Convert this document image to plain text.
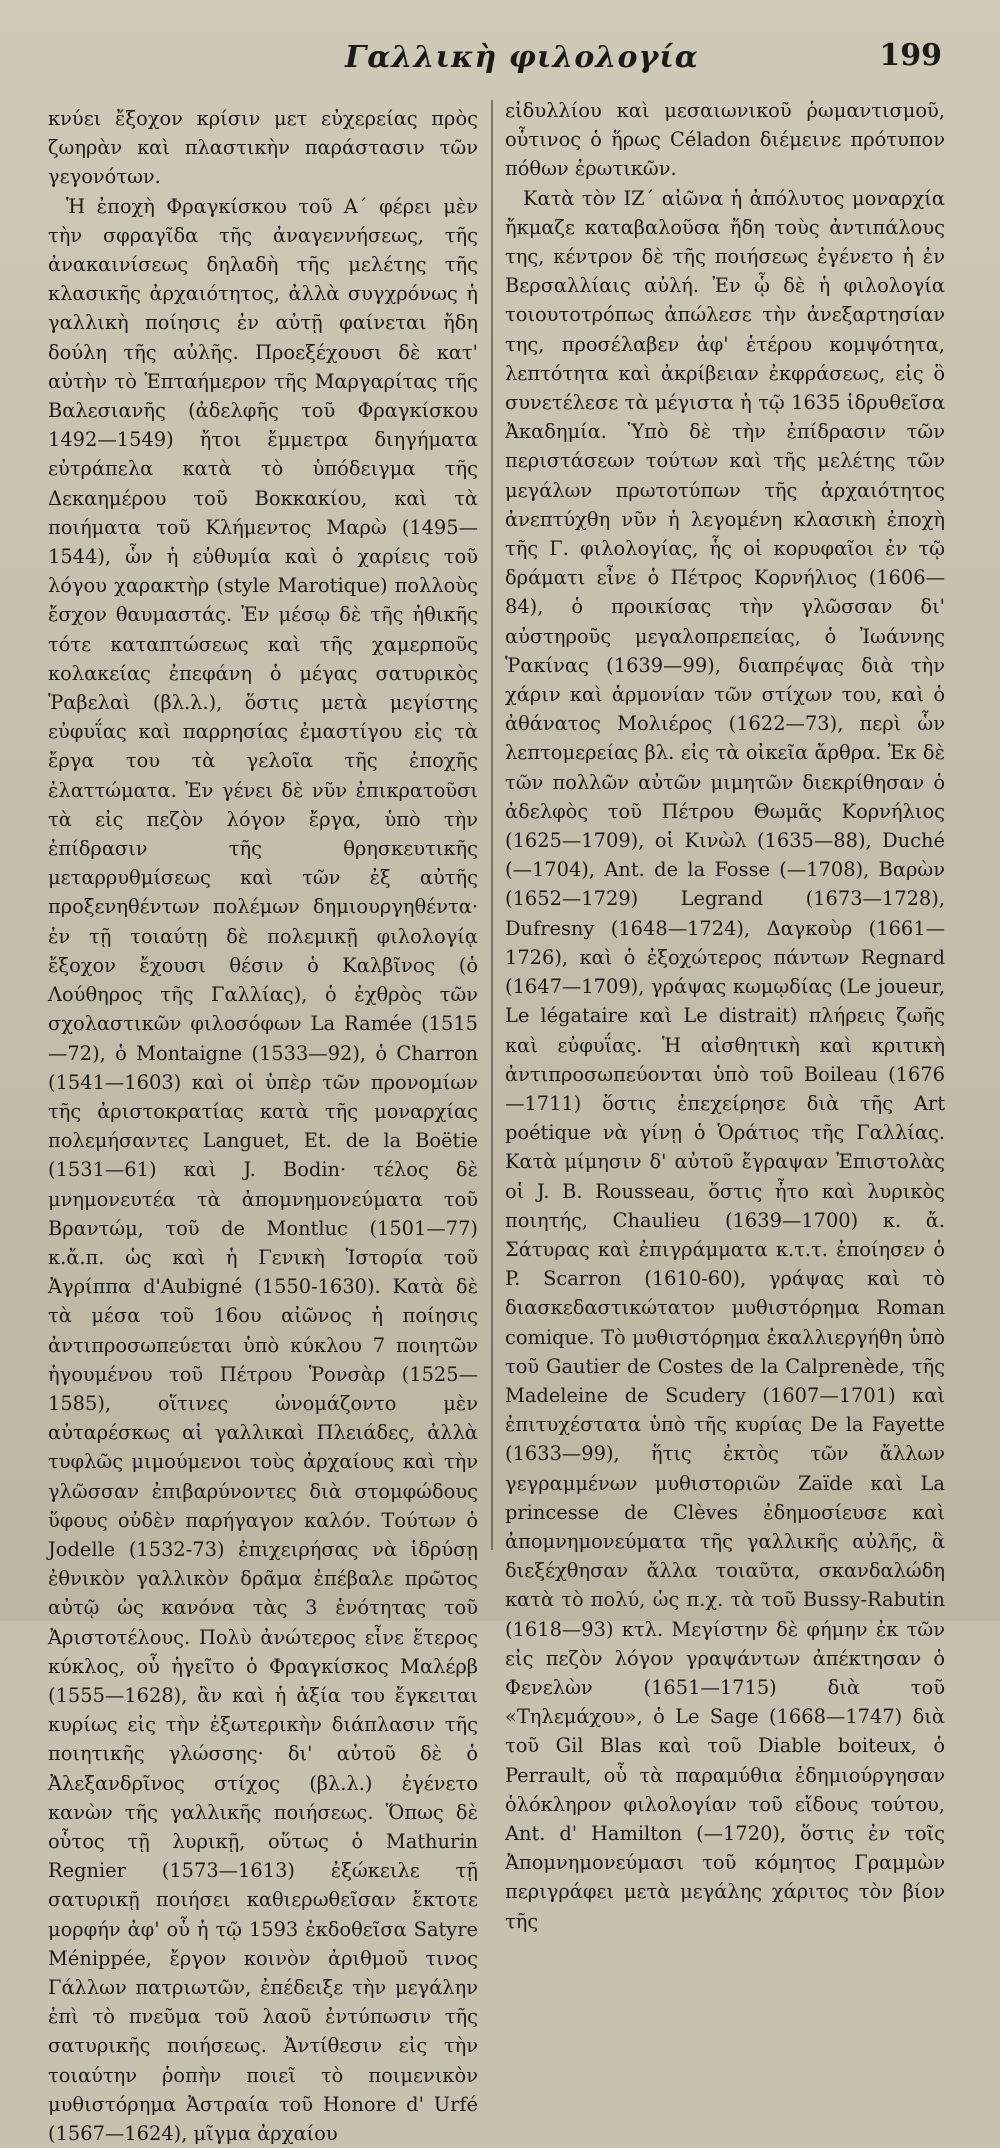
Γαλλικὴ φιλολογία	199

κνύει ἔξοχον κρίσιν μετ εὐχερείας πρὸς ζωηρὰν καὶ πλαστικὴν παράστασιν τῶν γεγονότων.

Ἡ ἐποχὴ Φραγκίσκου τοῦ Α΄ φέρει μὲν τὴν σφραγῖδα τῆς ἀναγεννήσεως, τῆς ἀνακαινίσεως δηλαδὴ τῆς μελέτης τῆς κλασικῆς ἀρχαιότητος, ἀλλὰ συγχρόνως ἡ γαλλικὴ ποίησις ἐν αὐτῇ φαίνεται ἤδη δούλη τῆς αὐλῆς. Προεξέχουσι δὲ κατ' αὐτὴν τὸ Ἑπταήμερον τῆς Μαργαρίτας τῆς Βαλεσιανῆς (ἀδελφῆς τοῦ Φραγκίσκου 1492—1549) ἤτοι ἔμμετρα διηγήματα εὐτράπελα κατὰ τὸ ὑπόδειγμα τῆς Δεκαημέρου τοῦ Βοκκακίου, καὶ τὰ ποιήματα τοῦ Κλήμεντος Μαρὼ (1495—1544), ὧν ἡ εὐθυμία καὶ ὁ χαρίεις τοῦ λόγου χαρακτὴρ (style Marotique) πολλοὺς ἔσχον θαυμαστάς. Ἐν μέσῳ δὲ τῆς ἠθικῆς τότε καταπτώσεως καὶ τῆς χαμερποῦς κολακείας ἐπεφάνη ὁ μέγας σατυρικὸς Ῥαβελαὶ (βλ.λ.), ὅστις μετὰ μεγίστης εὐφυΐας καὶ παρρησίας ἐμαστίγου εἰς τὰ ἔργα του τὰ γελοῖα τῆς ἐποχῆς ἐλαττώματα. Ἐν γένει δὲ νῦν ἐπικρατοῦσι τὰ εἰς πεζὸν λόγον ἔργα, ὑπὸ τὴν ἐπίδρασιν τῆς θρησκευτικῆς μεταρρυθμίσεως καὶ τῶν ἐξ αὐτῆς προξενηθέντων πολέμων δημιουργηθέντα· ἐν τῇ τοιαύτῃ δὲ πολεμικῇ φιλολογίᾳ ἔξοχον ἔχουσι θέσιν ὁ Καλβῖνος (ὁ Λούθηρος τῆς Γαλλίας), ὁ ἐχθρὸς τῶν σχολαστικῶν φιλοσόφων La Ramée (1515—72), ὁ Montaigne (1533—92), ὁ Charron (1541—1603) καὶ οἱ ὑπὲρ τῶν προνομίων τῆς ἀριστοκρατίας κατὰ τῆς μοναρχίας πολεμήσαντες Languet, Et. de la Boëtie (1531—61) καὶ J. Bodin· τέλος δὲ μνημονευτέα τὰ ἀπομνημονεύματα τοῦ Βραντώμ, τοῦ de Montluc (1501—77) κ.ἄ.π. ὡς καὶ ἡ Γενικὴ Ἱστορία τοῦ Ἀγρίππα d'Aubigné (1550-1630). Κατὰ δὲ τὰ μέσα τοῦ 16ου αἰῶνος ἡ ποίησις ἀντιπροσωπεύεται ὑπὸ κύκλου 7 ποιητῶν ἡγουμένου τοῦ Πέτρου Ῥονσὰρ (1525—1585), οἵτινες ὠνομάζοντο μὲν αὐταρέσκως αἱ γαλλικαὶ Πλειάδες, ἀλλὰ τυφλῶς μιμούμενοι τοὺς ἀρχαίους καὶ τὴν γλῶσσαν ἐπιβαρύνοντες διὰ στομφώδους ὕφους οὐδὲν παρήγαγον καλόν. Τούτων ὁ Jodelle (1532-73) ἐπιχειρήσας νὰ ἱδρύσῃ ἐθνικὸν γαλλικὸν δρᾶμα ἐπέβαλε πρῶτος αὐτῷ ὡς κανόνα τὰς 3 ἑνότητας τοῦ Ἀριστοτέλους. Πολὺ ἀνώτερος εἶνε ἕτερος κύκλος, οὗ ἡγεῖτο ὁ Φραγκίσκος Μαλέρβ (1555—1628), ἂν καὶ ἡ ἀξία του ἔγκειται κυρίως εἰς τὴν ἐξωτερικὴν διάπλασιν τῆς ποιητικῆς γλώσσης· δι' αὐτοῦ δὲ ὁ Ἀλεξανδρῖνος στίχος (βλ.λ.) ἐγένετο κανὼν τῆς γαλλικῆς ποιήσεως. Ὅπως δὲ οὗτος τῇ λυρικῇ, οὕτως ὁ Mathurin Regnier (1573—1613) ἐξώκειλε τῇ σατυρικῇ ποιήσει καθιερωθεῖσαν ἔκτοτε μορφήν ἀφ' οὗ ἡ τῷ 1593 ἐκδοθεῖσα Satyre Ménippée, ἔργον κοινὸν ἀριθμοῦ τινος Γάλλων πατριωτῶν, ἐπέδειξε τὴν μεγάλην ἐπὶ τὸ πνεῦμα τοῦ λαοῦ ἐντύπωσιν τῆς σατυρικῆς ποιήσεως. Ἀντίθεσιν εἰς τὴν τοιαύτην ῥοπὴν ποιεῖ τὸ ποιμενικὸν μυθιστόρημα Ἀστραία τοῦ Honore d' Urfé (1567—1624), μῖγμα ἀρχαίου

εἰδυλλίου καὶ μεσαιωνικοῦ ῥωμαντισμοῦ, οὗτινος ὁ ἥρως Céladon διέμεινε πρότυπον πόθων ἐρωτικῶν.

Κατὰ τὸν ΙΖ΄ αἰῶνα ἡ ἀπόλυτος μοναρχία ἤκμαζε καταβαλοῦσα ἤδη τοὺς ἀντιπάλους της, κέντρον δὲ τῆς ποιήσεως ἐγένετο ἡ ἐν Βερσαλλίαις αὐλή. Ἐν ᾧ δὲ ἡ φιλολογία τοιουτοτρόπως ἀπώλεσε τὴν ἀνεξαρτησίαν της, προσέλαβεν ἀφ' ἑτέρου κομψότητα, λεπτότητα καὶ ἀκρίβειαν ἐκφράσεως, εἰς ὃ συνετέλεσε τὰ μέγιστα ἡ τῷ 1635 ἱδρυθεῖσα Ἀκαδημία. Ὑπὸ δὲ τὴν ἐπίδρασιν τῶν περιστάσεων τούτων καὶ τῆς μελέτης τῶν μεγάλων πρωτοτύπων τῆς ἀρχαιότητος ἀνεπτύχθη νῦν ἡ λεγομένη κλασικὴ ἐποχὴ τῆς Γ. φιλολογίας, ἧς οἱ κορυφαῖοι ἐν τῷ δράματι εἶνε ὁ Πέτρος Κορνήλιος (1606—84), ὁ προικίσας τὴν γλῶσσαν δι' αὐστηροῦς μεγαλοπρεπείας, ὁ Ἰωάννης Ῥακίνας (1639—99), διαπρέψας διὰ τὴν χάριν καὶ ἁρμονίαν τῶν στίχων του, καὶ ὁ ἀθάνατος Μολιέρος (1622—73), περὶ ὧν λεπτομερείας βλ. εἰς τὰ οἰκεῖα ἄρθρα. Ἐκ δὲ τῶν πολλῶν αὐτῶν μιμητῶν διεκρίθησαν ὁ ἀδελφὸς τοῦ Πέτρου Θωμᾶς Κορνήλιος (1625—1709), οἱ Κινὼλ (1635—88), Duché (—1704), Ant. de la Fosse (—1708), Βαρὼν (1652—1729) Legrand (1673—1728), Dufresny (1648—1724), Δαγκοὺρ (1661—1726), καὶ ὁ ἐξοχώτερος πάντων Regnard (1647—1709), γράψας κωμῳδίας (Le joueur, Le légataire καὶ Le distrait) πλήρεις ζωῆς καὶ εὐφυΐας. Ἡ αἰσθητικὴ καὶ κριτικὴ ἀντιπροσωπεύονται ὑπὸ τοῦ Boileau (1676—1711) ὅστις ἐπεχείρησε διὰ τῆς Art poétique νὰ γίνῃ ὁ Ὁράτιος τῆς Γαλλίας. Κατὰ μίμησιν δ' αὐτοῦ ἔγραψαν Ἐπιστολὰς οἱ J. B. Rousseau, ὅστις ἦτο καὶ λυρικὸς ποιητής, Chaulieu (1639—1700) κ. ἄ. Σάτυρας καὶ ἐπιγράμματα κ.τ.τ. ἐποίησεν ὁ P. Scarron (1610-60), γράψας καὶ τὸ διασκεδαστικώτατον μυθιστόρημα Roman comique. Τὸ μυθιστόρημα ἐκαλλιεργήθη ὑπὸ τοῦ Gautier de Costes de la Calprenède, τῆς Madeleine de Scudery (1607—1701) καὶ ἐπιτυχέστατα ὑπὸ τῆς κυρίας De la Fayette (1633—99), ἥτις ἐκτὸς τῶν ἄλλων γεγραμμένων μυθιστοριῶν Zaïde καὶ La princesse de Clèves ἐδημοσίευσε καὶ ἀπομνημονεύματα τῆς γαλλικῆς αὐλῆς, ἃ διεξέχθησαν ἄλλα τοιαῦτα, σκανδαλώδη κατὰ τὸ πολύ, ὡς π.χ. τὰ τοῦ Bussy-Rabutin (1618—93) κτλ. Μεγίστην δὲ φήμην ἐκ τῶν εἰς πεζὸν λόγον γραψάντων ἀπέκτησαν ὁ Φενελὼν (1651—1715) διὰ τοῦ «Τηλεμάχου», ὁ Le Sage (1668—1747) διὰ τοῦ Gil Blas καὶ τοῦ Diable boiteux, ὁ Perrault, οὗ τὰ παραμύθια ἐδημιούργησαν ὁλόκληρον φιλολογίαν τοῦ εἴδους τούτου, Ant. d' Hamilton (—1720), ὅστις ἐν τοῖς Ἀπομνημονεύμασι τοῦ κόμητος Γραμμὼν περιγράφει μετὰ μεγάλης χάριτος τὸν βίον τῆς
